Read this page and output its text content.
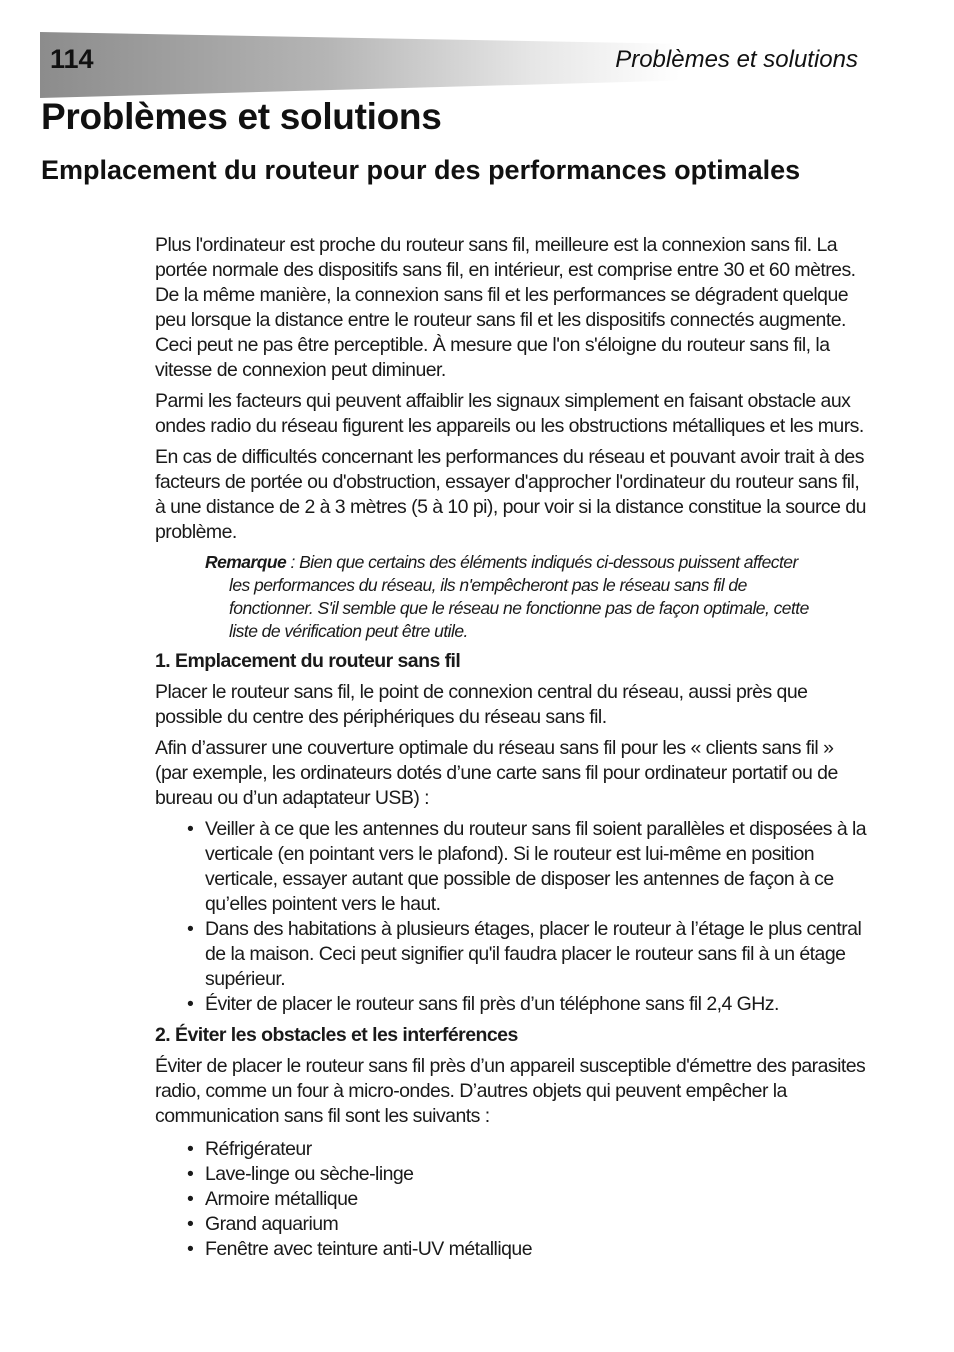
114	Problèmes et solutions
Problèmes et solutions
Emplacement du routeur pour des performances optimales

Plus l'ordinateur est proche du routeur sans fil, meilleure est la connexion sans fil. La portée normale des dispositifs sans fil, en intérieur, est comprise entre 30 et 60 mètres. De la même manière, la connexion sans fil et les performances se dégradent quelque peu lorsque la distance entre le routeur sans fil et les dispositifs connectés augmente. Ceci peut ne pas être perceptible. À mesure que l'on s'éloigne du routeur sans fil, la vitesse de connexion peut diminuer.

Parmi les facteurs qui peuvent affaiblir les signaux simplement en faisant obstacle aux ondes radio du réseau figurent les appareils ou les obstructions métalliques et les murs.

En cas de difficultés concernant les performances du réseau et pouvant avoir trait à des facteurs de portée ou d'obstruction, essayer d'approcher l'ordinateur du routeur sans fil, à une distance de 2 à 3 mètres (5 à 10 pi), pour voir si la distance constitue la source du problème.

Remarque : Bien que certains des éléments indiqués ci-dessous puissent affecter les performances du réseau, ils n'empêcheront pas le réseau sans fil de fonctionner. S'il semble que le réseau ne fonctionne pas de façon optimale, cette liste de vérification peut être utile.
1. Emplacement du routeur sans fil

Placer le routeur sans fil, le point de connexion central du réseau, aussi près que possible du centre des périphériques du réseau sans fil.

Afin d’assurer une couverture optimale du réseau sans fil pour les « clients sans fil » (par exemple, les ordinateurs dotés d’une carte sans fil pour ordinateur portatif ou de bureau ou d’un adaptateur USB) :

• Veiller à ce que les antennes du routeur sans fil soient parallèles et disposées à la verticale (en pointant vers le plafond). Si le routeur est lui-même en position verticale, essayer autant que possible de disposer les antennes de façon à ce qu’elles pointent vers le haut.
• Dans des habitations à plusieurs étages, placer le routeur à l’étage le plus central de la maison. Ceci peut signifier qu'il faudra placer le routeur sans fil à un étage supérieur.
• Éviter de placer le routeur sans fil près d’un téléphone sans fil 2,4 GHz.
2. Éviter les obstacles et les interférences

Éviter de placer le routeur sans fil près d’un appareil susceptible d'émettre des parasites radio, comme un four à micro-ondes. D’autres objets qui peuvent empêcher la communication sans fil sont les suivants :

• Réfrigérateur
• Lave-linge ou sèche-linge
• Armoire métallique
• Grand aquarium
• Fenêtre avec teinture anti-UV métallique
